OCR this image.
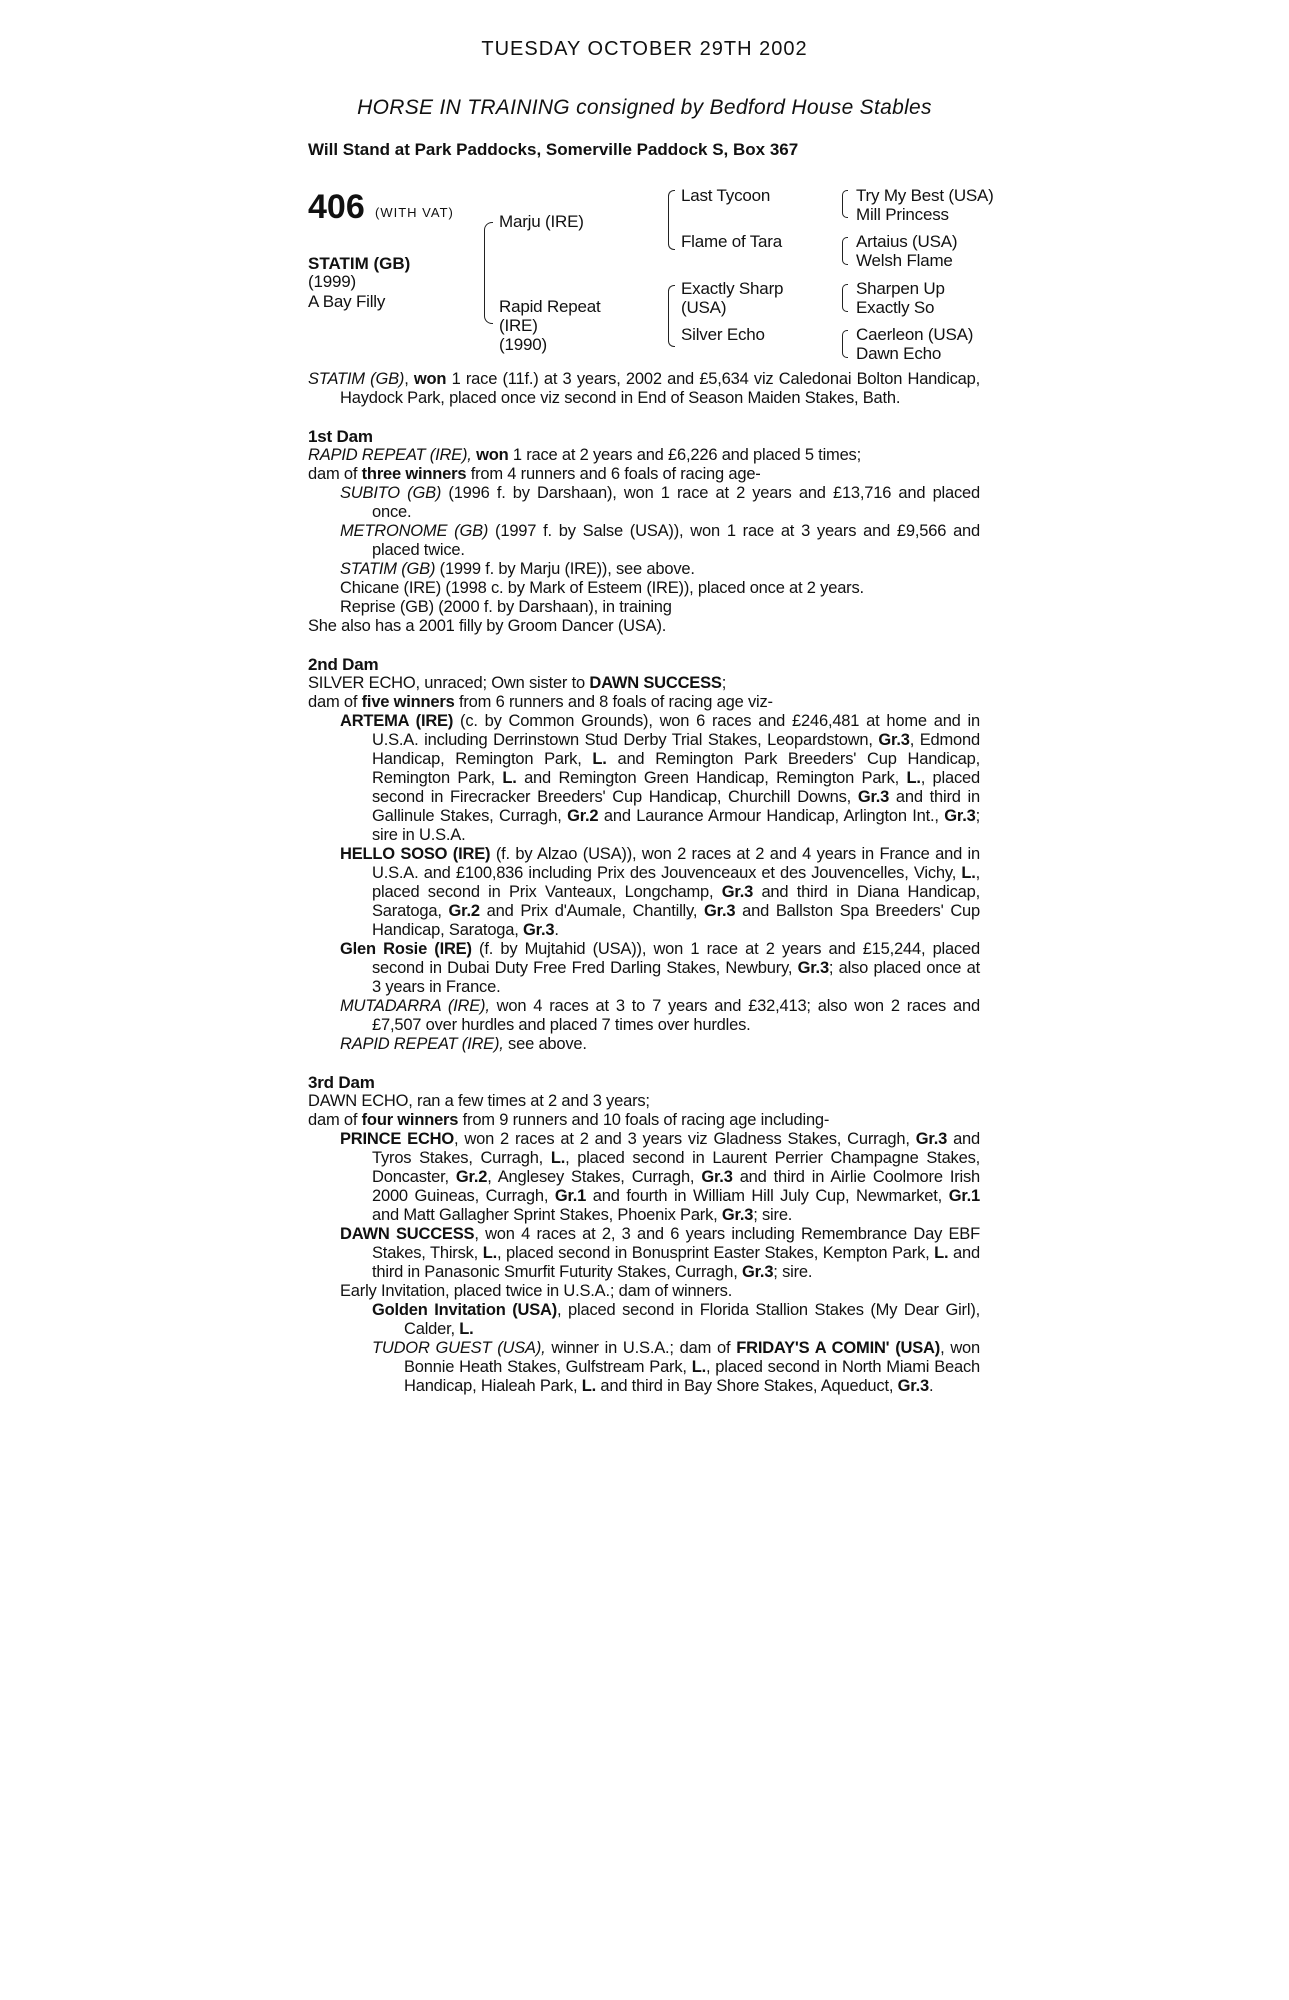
TUESDAY OCTOBER 29TH 2002
HORSE IN TRAINING consigned by Bedford House Stables
Will Stand at Park Paddocks, Somerville Paddock S, Box 367
406 (WITH VAT)
STATIM (GB)
(1999)
A Bay Filly
Marju (IRE)
Rapid Repeat
(IRE)
(1990)
Last Tycoon
Flame of Tara
Exactly Sharp
(USA)
Silver Echo
Try My Best (USA)
Mill Princess
Artaius (USA)
Welsh Flame
Sharpen Up
Exactly So
Caerleon (USA)
Dawn Echo

STATIM (GB), won 1 race (11f.) at 3 years, 2002 and £5,634 viz Caledonai Bolton Handicap, Haydock Park, placed once viz second in End of Season Maiden Stakes, Bath.

1st Dam

RAPID REPEAT (IRE), won 1 race at 2 years and £6,226 and placed 5 times;

dam of three winners from 4 runners and 6 foals of racing age-

SUBITO (GB) (1996 f. by Darshaan), won 1 race at 2 years and £13,716 and placed once.

METRONOME (GB) (1997 f. by Salse (USA)), won 1 race at 3 years and £9,566 and placed twice.

STATIM (GB) (1999 f. by Marju (IRE)), see above.

Chicane (IRE) (1998 c. by Mark of Esteem (IRE)), placed once at 2 years.

Reprise (GB) (2000 f. by Darshaan), in training

She also has a 2001 filly by Groom Dancer (USA).

2nd Dam

SILVER ECHO, unraced; Own sister to DAWN SUCCESS;

dam of five winners from 6 runners and 8 foals of racing age viz-

ARTEMA (IRE) (c. by Common Grounds), won 6 races and £246,481 at home and in U.S.A. including Derrinstown Stud Derby Trial Stakes, Leopardstown, Gr.3, Edmond Handicap, Remington Park, L. and Remington Park Breeders' Cup Handicap, Remington Park, L. and Remington Green Handicap, Remington Park, L., placed second in Firecracker Breeders' Cup Handicap, Churchill Downs, Gr.3 and third in Gallinule Stakes, Curragh, Gr.2 and Laurance Armour Handicap, Arlington Int., Gr.3; sire in U.S.A.

HELLO SOSO (IRE) (f. by Alzao (USA)), won 2 races at 2 and 4 years in France and in U.S.A. and £100,836 including Prix des Jouvenceaux et des Jouvencelles, Vichy, L., placed second in Prix Vanteaux, Longchamp, Gr.3 and third in Diana Handicap, Saratoga, Gr.2 and Prix d'Aumale, Chantilly, Gr.3 and Ballston Spa Breeders' Cup Handicap, Saratoga, Gr.3.

Glen Rosie (IRE) (f. by Mujtahid (USA)), won 1 race at 2 years and £15,244, placed second in Dubai Duty Free Fred Darling Stakes, Newbury, Gr.3; also placed once at 3 years in France.

MUTADARRA (IRE), won 4 races at 3 to 7 years and £32,413; also won 2 races and £7,507 over hurdles and placed 7 times over hurdles.

RAPID REPEAT (IRE), see above.

3rd Dam

DAWN ECHO, ran a few times at 2 and 3 years;

dam of four winners from 9 runners and 10 foals of racing age including-

PRINCE ECHO, won 2 races at 2 and 3 years viz Gladness Stakes, Curragh, Gr.3 and Tyros Stakes, Curragh, L., placed second in Laurent Perrier Champagne Stakes, Doncaster, Gr.2, Anglesey Stakes, Curragh, Gr.3 and third in Airlie Coolmore Irish 2000 Guineas, Curragh, Gr.1 and fourth in William Hill July Cup, Newmarket, Gr.1 and Matt Gallagher Sprint Stakes, Phoenix Park, Gr.3; sire.

DAWN SUCCESS, won 4 races at 2, 3 and 6 years including Remembrance Day EBF Stakes, Thirsk, L., placed second in Bonusprint Easter Stakes, Kempton Park, L. and third in Panasonic Smurfit Futurity Stakes, Curragh, Gr.3; sire.

Early Invitation, placed twice in U.S.A.; dam of winners.

Golden Invitation (USA), placed second in Florida Stallion Stakes (My Dear Girl), Calder, L.

TUDOR GUEST (USA), winner in U.S.A.; dam of FRIDAY'S A COMIN' (USA), won Bonnie Heath Stakes, Gulfstream Park, L., placed second in North Miami Beach Handicap, Hialeah Park, L. and third in Bay Shore Stakes, Aqueduct, Gr.3.
